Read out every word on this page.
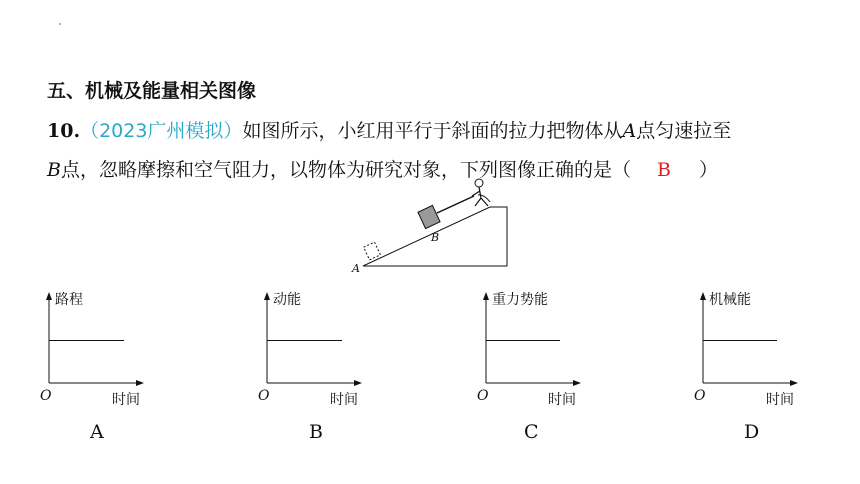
五、机械及能量相关图像
10.（2023广州模拟）如图所示，小红用平行于斜面的拉力把物体从A点匀速拉至
B点，忽略摩擦和空气阻力，以物体为研究对象，下列图像正确的是（ B ）
A
B
路程
时间
O
A
动能
时间
O
B
重力势能
时间
O
C
机械能
时间
O
D
